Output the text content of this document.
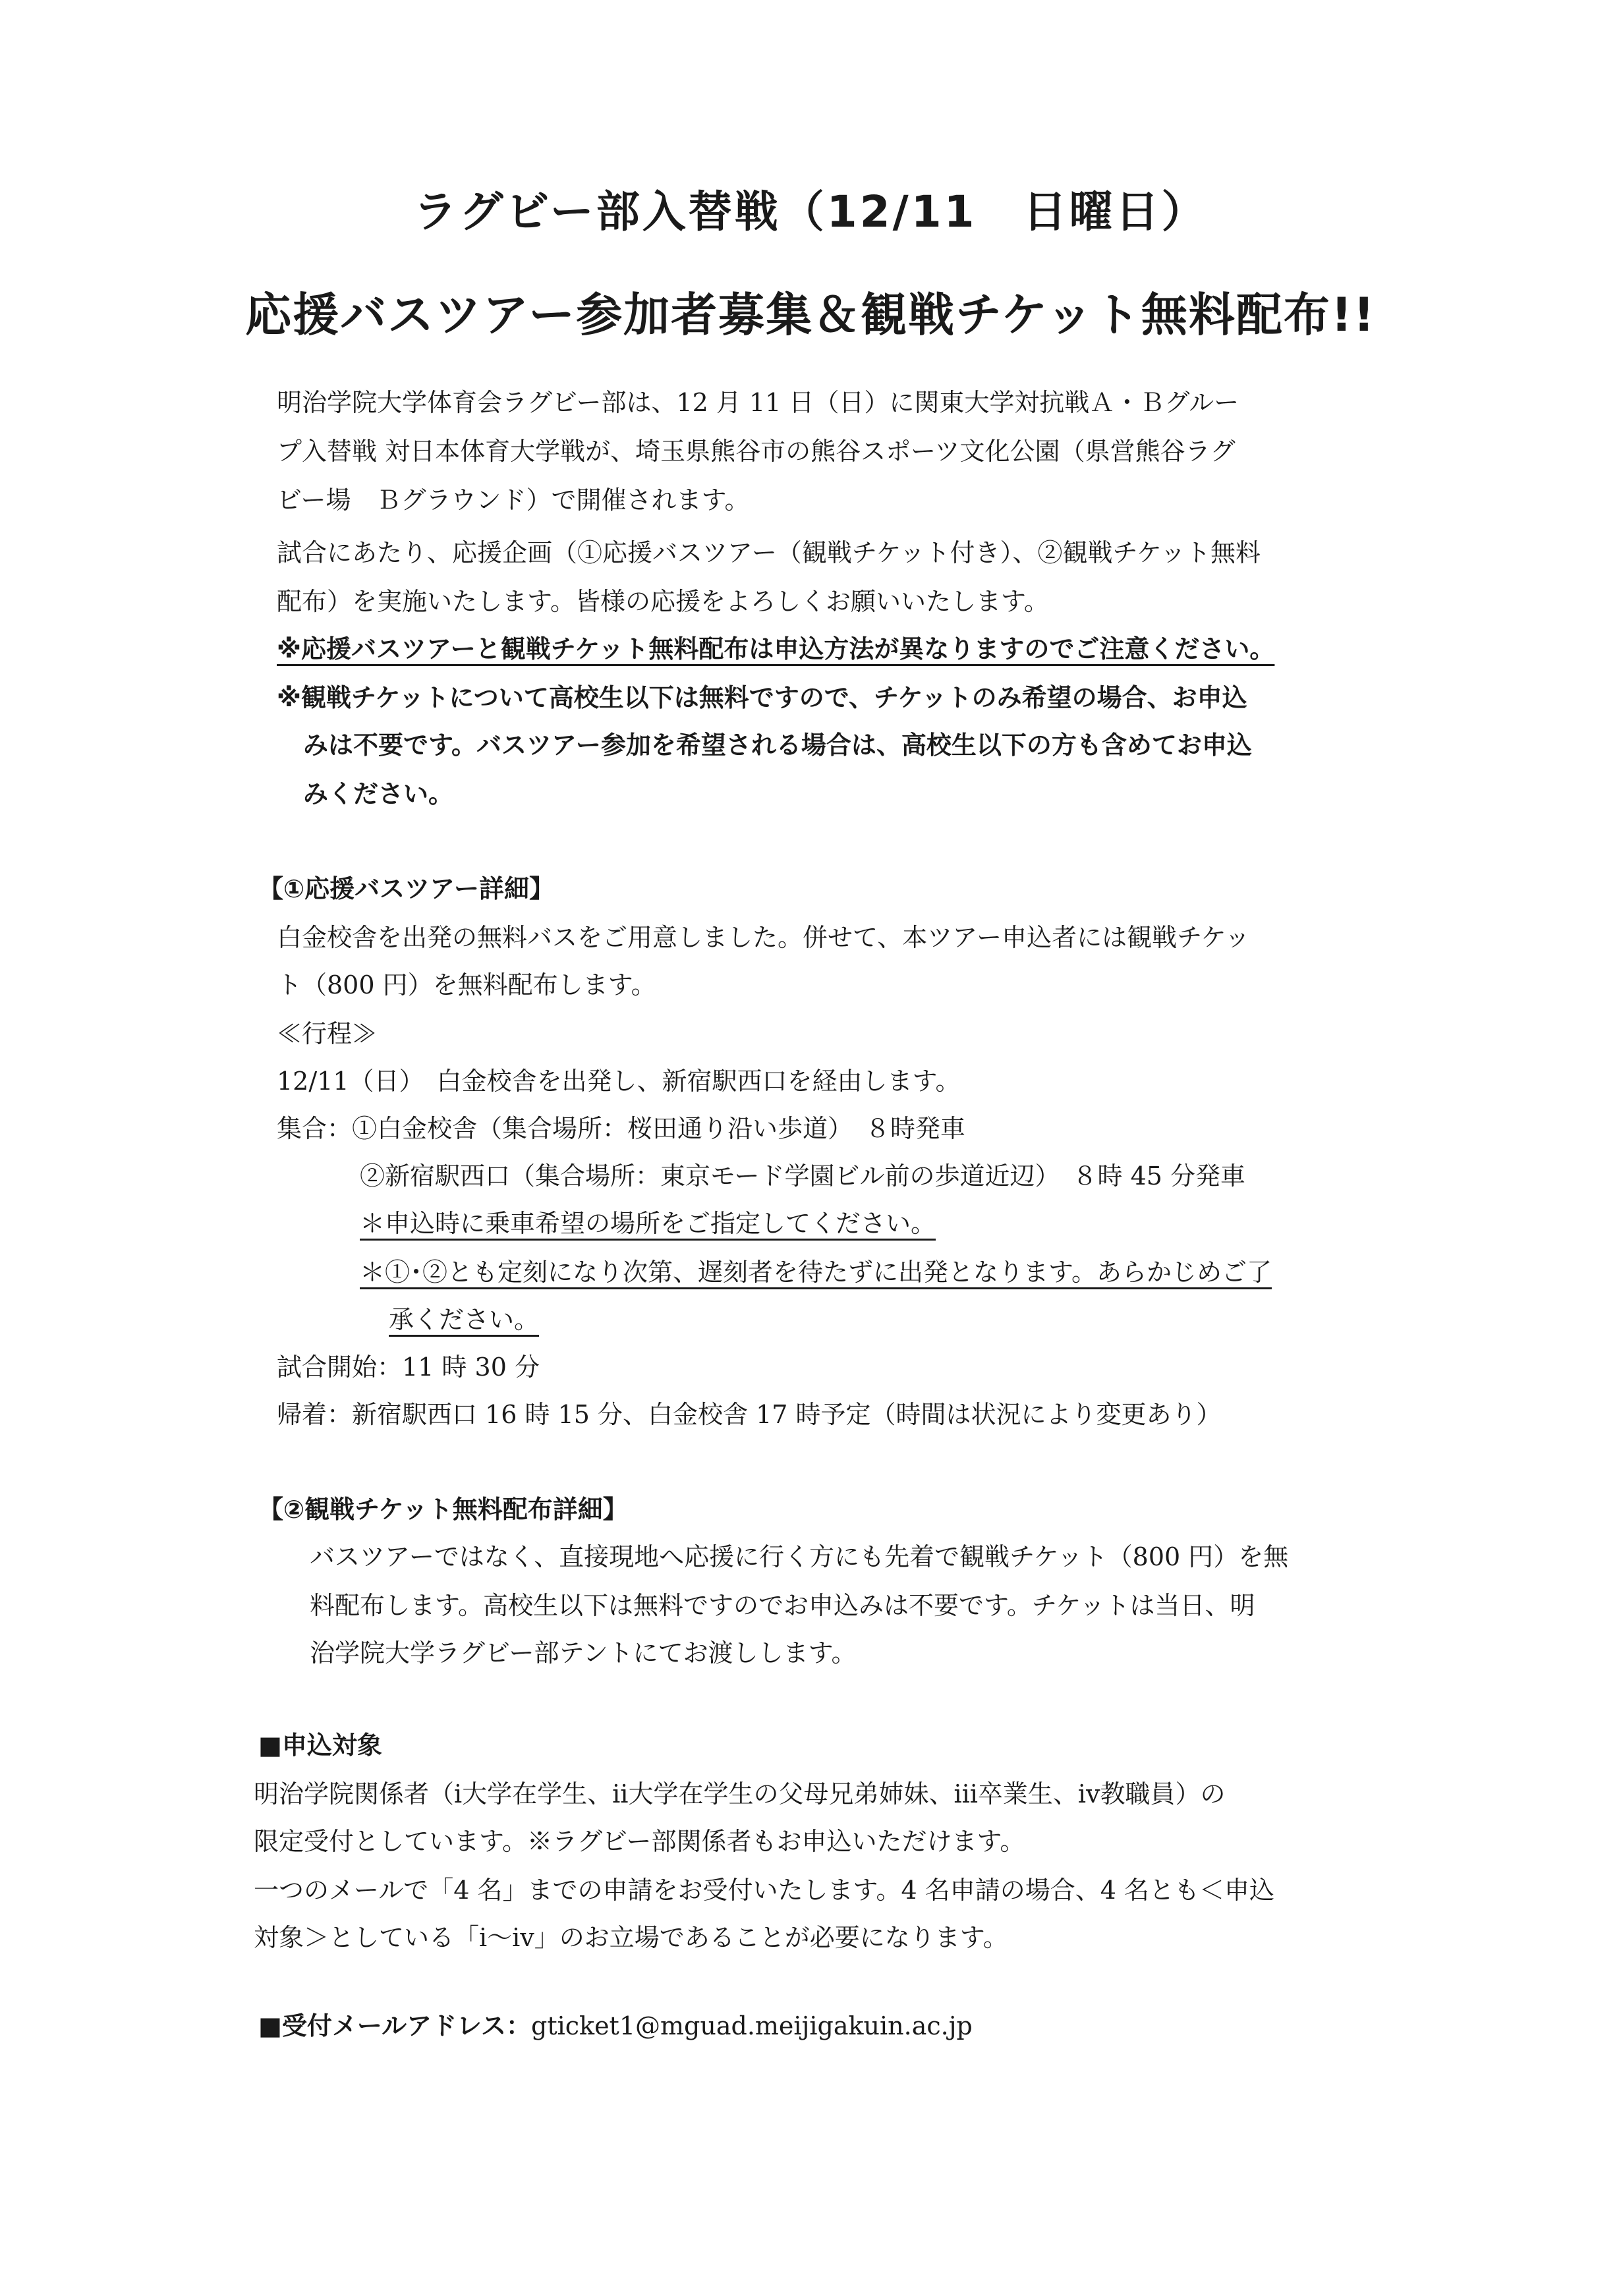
ラグビー部入替戦（12/11　日曜日）
応援バスツアー参加者募集＆観戦チケット無料配布!!
明治学院大学体育会ラグビー部は、12 月 11 日（日）に関東大学対抗戦Ａ・Ｂグルー
プ入替戦 対日本体育大学戦が、埼玉県熊谷市の熊谷スポーツ文化公園（県営熊谷ラグ
ビー場　Ｂグラウンド）で開催されます。
試合にあたり、応援企画（①応援バスツアー（観戦チケット付き）、②観戦チケット無料
配布）を実施いたします。皆様の応援をよろしくお願いいたします。
※応援バスツアーと観戦チケット無料配布は申込方法が異なりますのでご注意ください。
※観戦チケットについて高校生以下は無料ですので、チケットのみ希望の場合、お申込
みは不要です。バスツアー参加を希望される場合は、高校生以下の方も含めてお申込
みください。
【①応援バスツアー詳細】
白金校舎を出発の無料バスをご用意しました。併せて、本ツアー申込者には観戦チケッ
ト（800 円）を無料配布します。
≪行程≫
12/11（日）　白金校舎を出発し、新宿駅西口を経由します。
集合：①白金校舎（集合場所：桜田通り沿い歩道）　８時発車
②新宿駅西口（集合場所：東京モード学園ビル前の歩道近辺）　８時 45 分発車
＊申込時に乗車希望の場所をご指定してください。
＊①･②とも定刻になり次第、遅刻者を待たずに出発となります。あらかじめご了
承ください。
試合開始：11 時 30 分
帰着：新宿駅西口 16 時 15 分、白金校舎 17 時予定（時間は状況により変更あり）
【②観戦チケット無料配布詳細】
バスツアーではなく、直接現地へ応援に行く方にも先着で観戦チケット（800 円）を無
料配布します。高校生以下は無料ですのでお申込みは不要です。チケットは当日、明
治学院大学ラグビー部テントにてお渡しします。
■申込対象
明治学院関係者（ⅰ大学在学生、ⅱ大学在学生の父母兄弟姉妹、ⅲ卒業生、ⅳ教職員）の
限定受付としています。※ラグビー部関係者もお申込いただけます。
一つのメールで「4 名」までの申請をお受付いたします。4 名申請の場合、4 名とも＜申込
対象＞としている「ⅰ～ⅳ」のお立場であることが必要になります。
■受付メールアドレス：gticket1@mguad.meijigakuin.ac.jp
